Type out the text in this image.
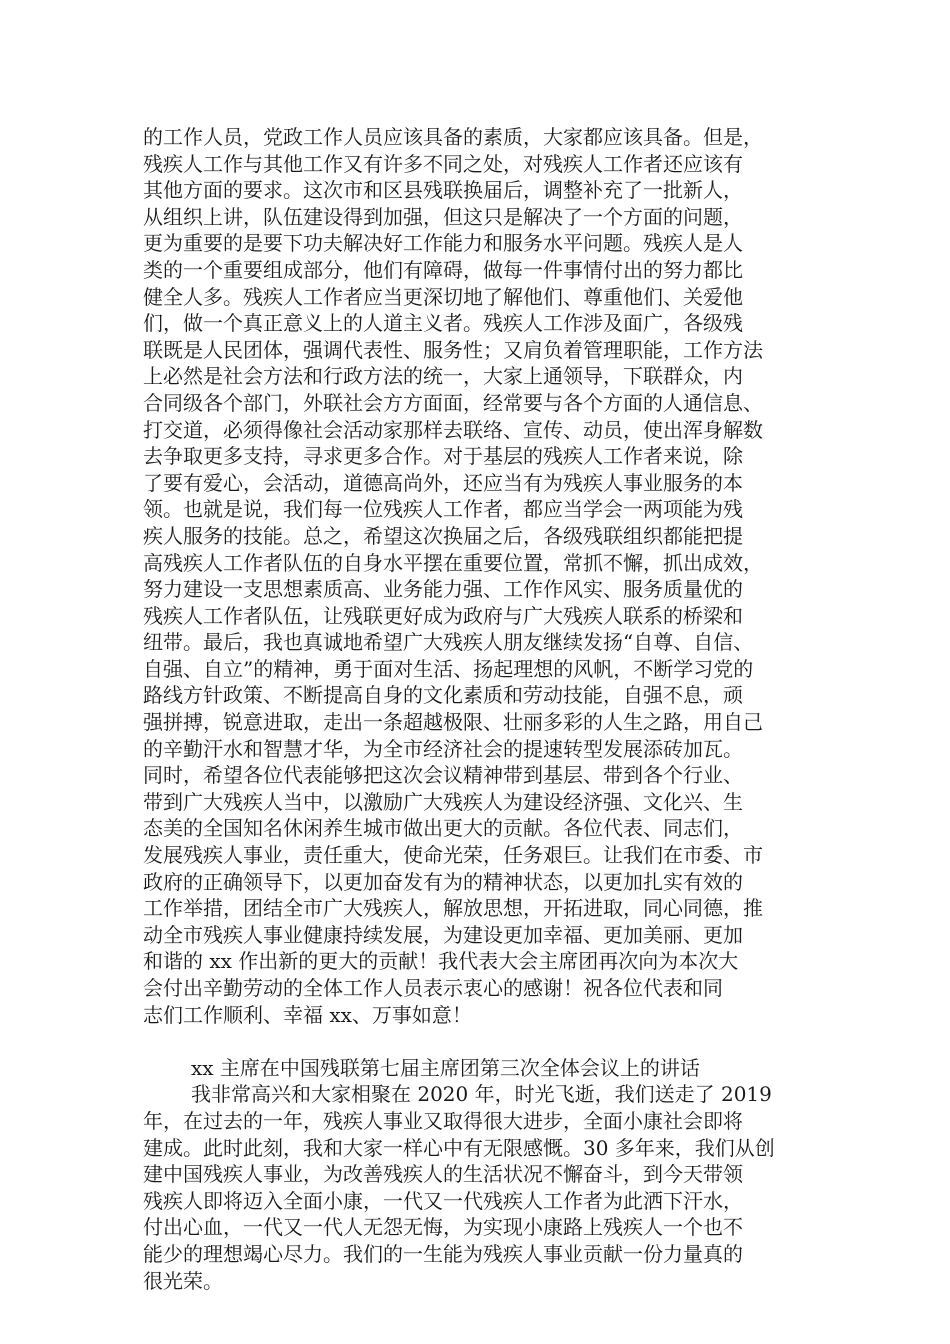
的工作人员，党政工作人员应该具备的素质，大家都应该具备。但是，
残疾人工作与其他工作又有许多不同之处，对残疾人工作者还应该有
其他方面的要求。这次市和区县残联换届后，调整补充了一批新人，
从组织上讲，队伍建设得到加强，但这只是解决了一个方面的问题，
更为重要的是要下功夫解决好工作能力和服务水平问题。残疾人是人
类的一个重要组成部分，他们有障碍，做每一件事情付出的努力都比
健全人多。残疾人工作者应当更深切地了解他们、尊重他们、关爱他
们，做一个真正意义上的人道主义者。残疾人工作涉及面广，各级残
联既是人民团体，强调代表性、服务性；又肩负着管理职能，工作方法
上必然是社会方法和行政方法的统一，大家上通领导，下联群众，内
合同级各个部门，外联社会方方面面，经常要与各个方面的人通信息、
打交道，必须得像社会活动家那样去联络、宣传、动员，使出浑身解数
去争取更多支持，寻求更多合作。对于基层的残疾人工作者来说，除
了要有爱心，会活动，道德高尚外，还应当有为残疾人事业服务的本
领。也就是说，我们每一位残疾人工作者，都应当学会一两项能为残
疾人服务的技能。总之，希望这次换届之后，各级残联组织都能把提
高残疾人工作者队伍的自身水平摆在重要位置，常抓不懈，抓出成效，
努力建设一支思想素质高、业务能力强、工作作风实、服务质量优的
残疾人工作者队伍，让残联更好成为政府与广大残疾人联系的桥梁和
纽带。最后，我也真诚地希望广大残疾人朋友继续发扬“自尊、自信、
自强、自立”的精神，勇于面对生活、扬起理想的风帆，不断学习党的
路线方针政策、不断提高自身的文化素质和劳动技能，自强不息，顽
强拼搏，锐意进取，走出一条超越极限、壮丽多彩的人生之路，用自己
的辛勤汗水和智慧才华，为全市经济社会的提速转型发展添砖加瓦。
同时，希望各位代表能够把这次会议精神带到基层、带到各个行业、
带到广大残疾人当中，以激励广大残疾人为建设经济强、文化兴、生
态美的全国知名休闲养生城市做出更大的贡献。各位代表、同志们，
发展残疾人事业，责任重大，使命光荣，任务艰巨。让我们在市委、市
政府的正确领导下，以更加奋发有为的精神状态，以更加扎实有效的
工作举措，团结全市广大残疾人，解放思想，开拓进取，同心同德，推
动全市残疾人事业健康持续发展，为建设更加幸福、更加美丽、更加
和谐的 xx 作出新的更大的贡献！我代表大会主席团再次向为本次大
会付出辛勤劳动的全体工作人员表示衷心的感谢！祝各位代表和同
志们工作顺利、幸福 xx、万事如意！
xx 主席在中国残联第七届主席团第三次全体会议上的讲话
我非常高兴和大家相聚在 2020 年，时光飞逝，我们送走了 2019
年，在过去的一年，残疾人事业又取得很大进步，全面小康社会即将
建成。此时此刻，我和大家一样心中有无限感慨。30 多年来，我们从创
建中国残疾人事业，为改善残疾人的生活状况不懈奋斗，到今天带领
残疾人即将迈入全面小康，一代又一代残疾人工作者为此洒下汗水，
付出心血，一代又一代人无怨无悔，为实现小康路上残疾人一个也不
能少的理想竭心尽力。我们的一生能为残疾人事业贡献一份力量真的
很光荣。
